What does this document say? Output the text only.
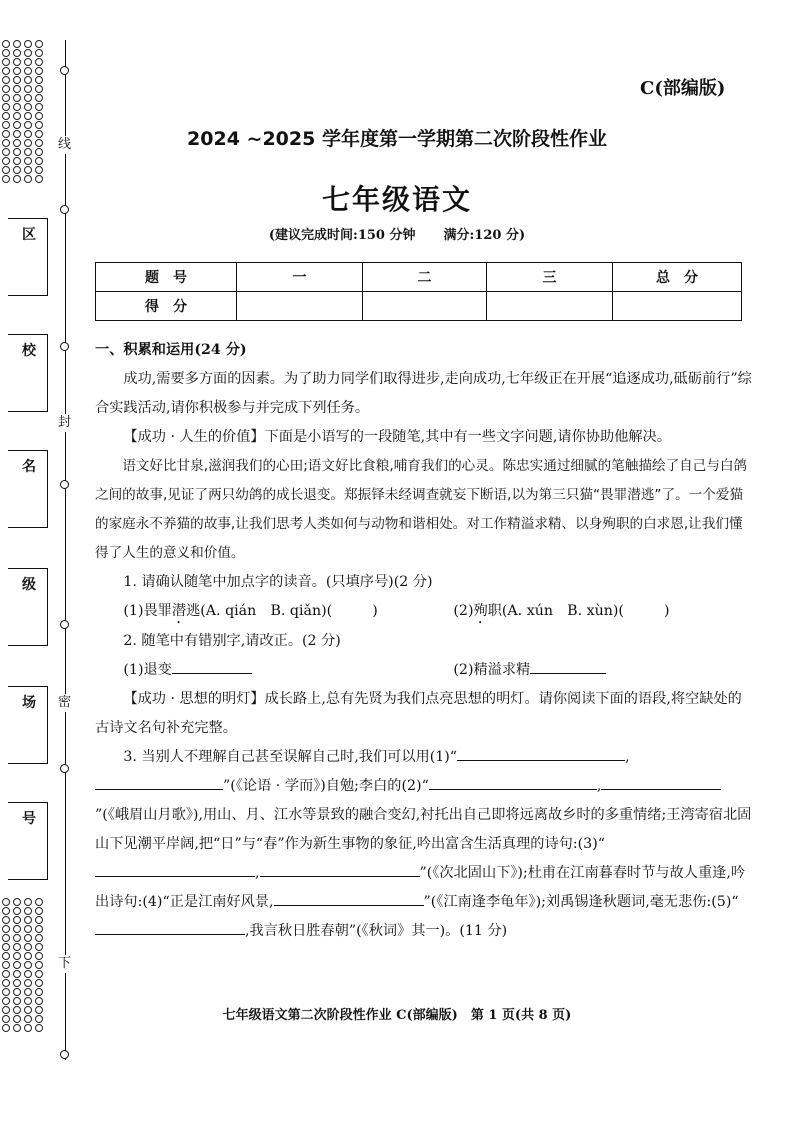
线
封
密
下
区
校
名
级
场
号
C(部编版)
2024 ~2025 学年度第一学期第二次阶段性作业
七年级语文
(建议完成时间:150 分钟 满分:120 分)
题　号	一	二	三	总　分
得　分				

一、积累和运用(24 分)

成功,需要多方面的因素。为了助力同学们取得进步,走向成功,七年级正在开展“追逐成功,砥砺前行”综合实践活动,请你积极参与并完成下列任务。

【成功 · 人生的价值】下面是小语写的一段随笔,其中有一些文字问题,请你协助他解决。

语文好比甘泉,滋润我们的心田;语文好比食粮,哺育我们的心灵。陈忠实通过细腻的笔触描绘了自己与白鸽之间的故事,见证了两只幼鸽的成长退变。郑振铎未经调查就妄下断语,以为第三只猫“畏罪潜逃”了。一个爱猫的家庭永不养猫的故事,让我们思考人类如何与动物和谐相处。对工作精溢求精、以身殉职的白求恩,让我们懂得了人生的意义和价值。

1. 请确认随笔中加点字的读音。(只填序号)(2 分)

(1)畏罪潜逃(A. qián　B. qiǎn)(	)	(2)殉职(A. xún　B. xùn)(	)

2. 随笔中有错别字,请改正。(2 分)

(1)退变	(2)精溢求精

【成功 · 思想的明灯】成长路上,总有先贤为我们点亮思想的明灯。请你阅读下面的语段,将空缺处的古诗文名句补充完整。

3. 当别人不理解自己甚至误解自己时,我们可以用(1)“	,”(《论语 · 学而》)自勉;李白的(2)“	,”(《峨眉山月歌》),用山、月、江水等景致的融合变幻,衬托出自己即将远离故乡时的多重情绪;王湾寄宿北固山下见潮平岸阔,把“日”与“春”作为新生事物的象征,吟出富含生活真理的诗句:(3)“,	”(《次北固山下》);杜甫在江南暮春时节与故人重逢,吟出诗句:(4)“正是江南好风景,	”(《江南逢李龟年》);刘禹锡逢秋题词,毫无悲伤:(5)“,我言秋日胜春朝”(《秋词》其一)。(11 分)

七年级语文第二次阶段性作业 C(部编版)　第 1 页(共 8 页)
